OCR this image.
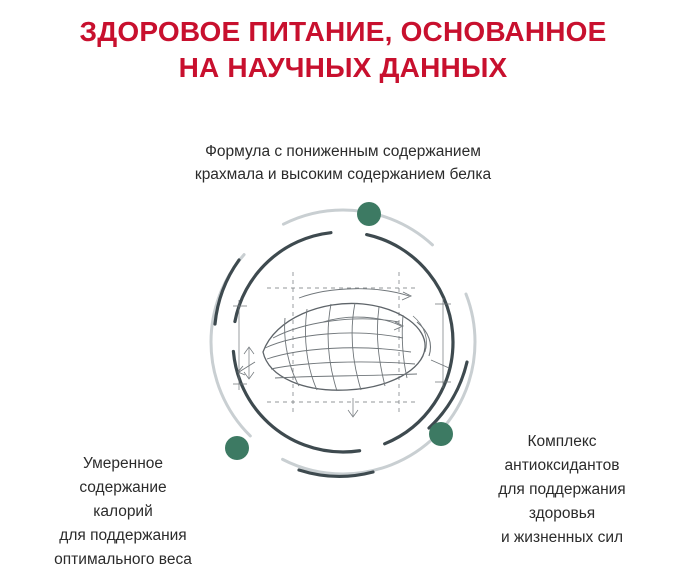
ЗДОРОВОЕ ПИТАНИЕ, ОСНОВАННОЕ
НА НАУЧНЫХ ДАННЫХ
Формула с пониженным содержанием
крахмала и высоким содержанием белка
Умеренное
содержание
калорий
для поддержания
оптимального веса
Комплекс
антиоксидантов
для поддержания
здоровья
и жизненных сил
